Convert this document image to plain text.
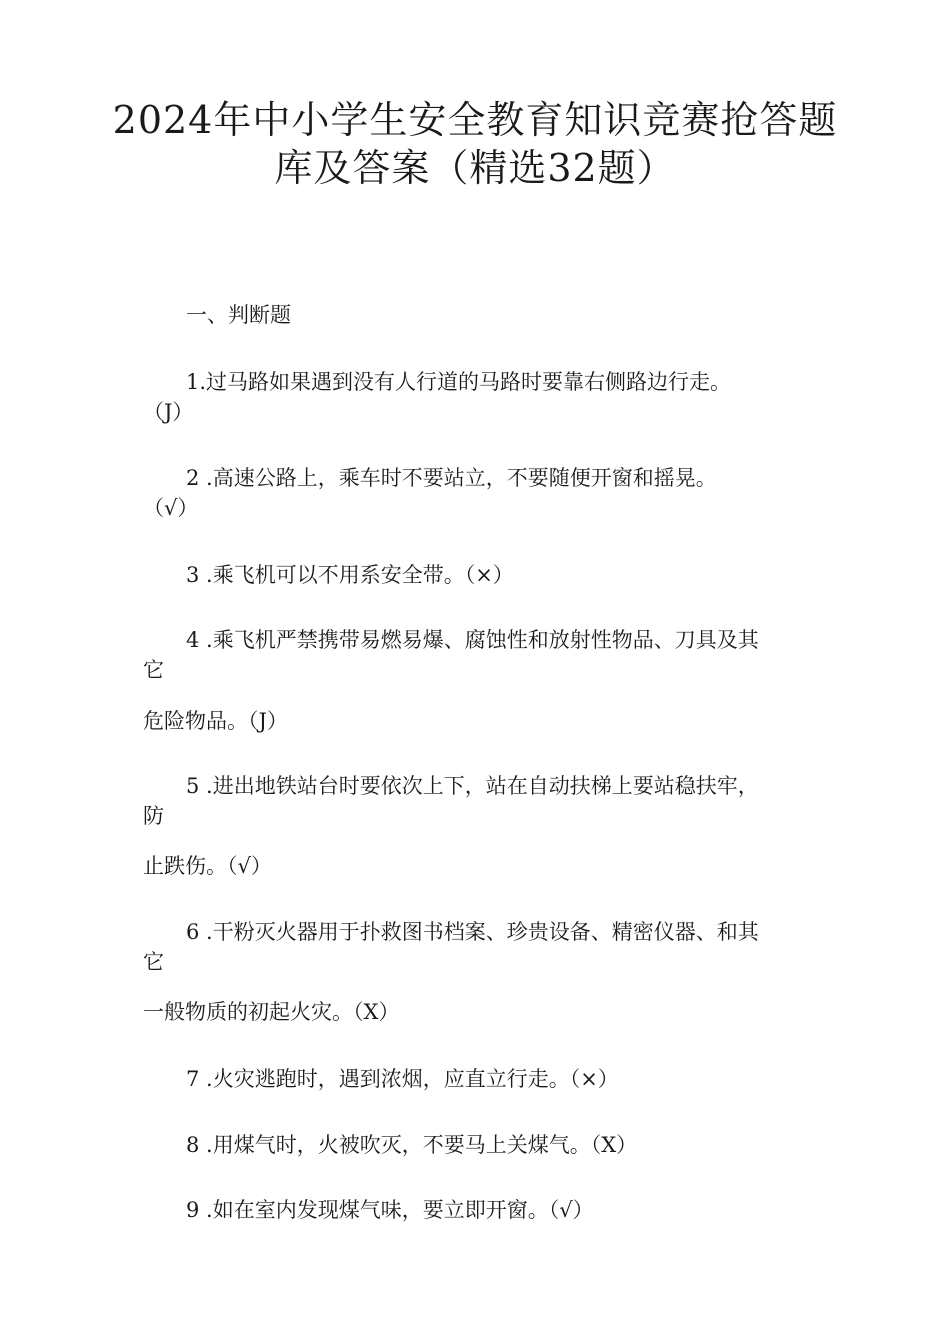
2024年中小学生安全教育知识竞赛抢答题
库及答案（精选32题）
一、判断题
1.过马路如果遇到没有人行道的马路时要靠右侧路边行走。
（J）
2 .高速公路上，乘车时不要站立，不要随便开窗和摇晃。
（√）
3 .乘飞机可以不用系安全带。（×）
4 .乘飞机严禁携带易燃易爆、腐蚀性和放射性物品、刀具及其
它
危险物品。（J）
5 .进出地铁站台时要依次上下，站在自动扶梯上要站稳扶牢，
防
止跌伤。（√）
6 .干粉灭火器用于扑救图书档案、珍贵设备、精密仪器、和其
它
一般物质的初起火灾。（X）
7 .火灾逃跑时，遇到浓烟，应直立行走。（×）
8 .用煤气时，火被吹灭，不要马上关煤气。（X）
9 .如在室内发现煤气味，要立即开窗。（√）
